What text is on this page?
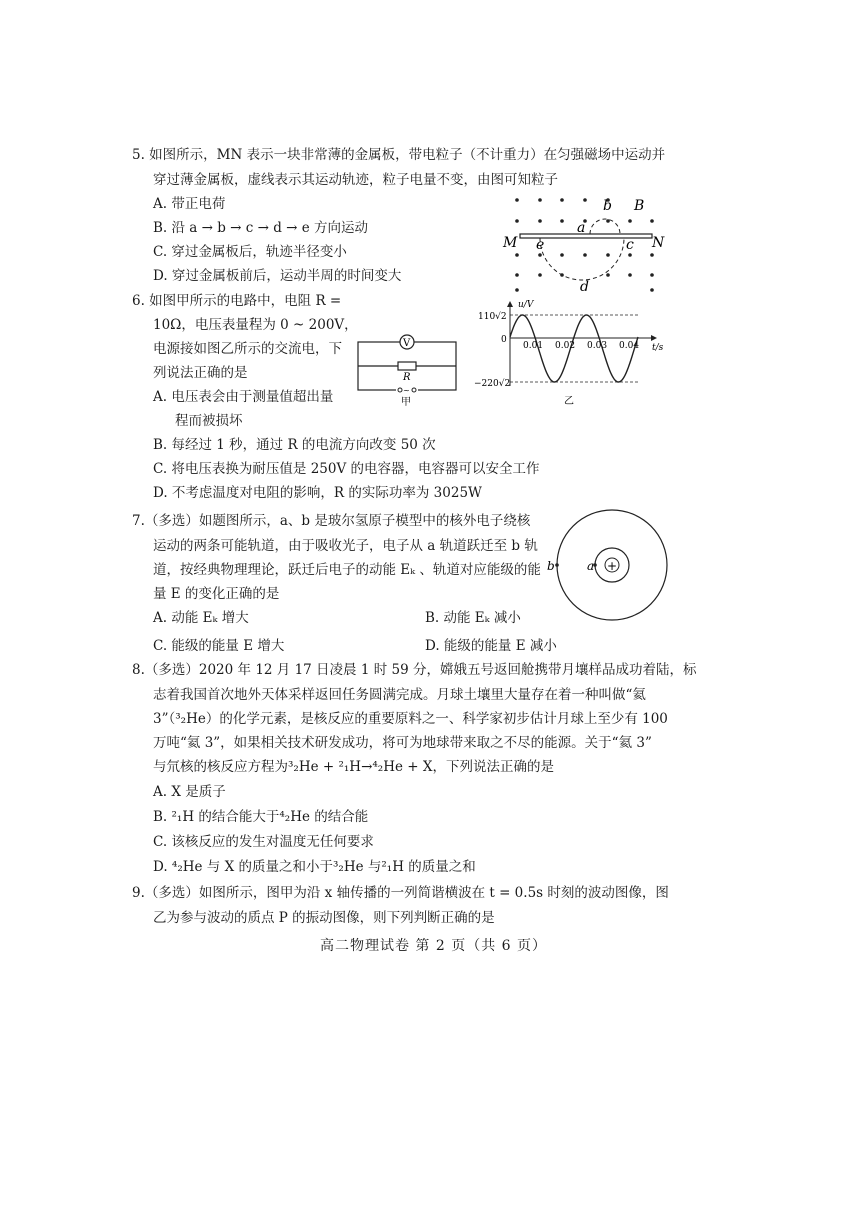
5. 如图所示，MN 表示一块非常薄的金属板，带电粒子（不计重力）在匀强磁场中运动并
穿过薄金属板，虚线表示其运动轨迹，粒子电量不变，由图可知粒子
A. 带正电荷
B. 沿 a → b → c → d → e 方向运动
C. 穿过金属板后，轨迹半径变小
D. 穿过金属板前后，运动半周的时间变大
b B
a
M	N
e	c
d
6. 如图甲所示的电路中，电阻 R =
10Ω，电压表量程为 0 ~ 200V，
电源接如图乙所示的交流电，下
列说法正确的是
A. 电压表会由于测量值超出量
程而被损坏
B. 每经过 1 秒，通过 R 的电流方向改变 50 次
C. 将电压表换为耐压值是 250V 的电容器，电容器可以安全工作
D. 不考虑温度对电阻的影响，R 的实际功率为 3025W
V
R
~
甲
u/V
t/s
110√2
−220√2
0
0.01 0.02 0.03 0.04
乙
7.（多选）如题图所示，a、b 是玻尔氢原子模型中的核外电子绕核
运动的两条可能轨道，由于吸收光子，电子从 a 轨道跃迁至 b 轨
道，按经典物理理论，跃迁后电子的动能 Eₖ 、轨道对应能级的能
量 E 的变化正确的是
A. 动能 Eₖ 增大	B. 动能 Eₖ 减小
C. 能级的能量 E 增大	D. 能级的能量 E 减小
+
b	a
8.（多选）2020 年 12 月 17 日凌晨 1 时 59 分，嫦娥五号返回舱携带月壤样品成功着陆，标
志着我国首次地外天体采样返回任务圆满完成。月球土壤里大量存在着一种叫做“氦
3”（³₂He）的化学元素，是核反应的重要原料之一、科学家初步估计月球上至少有 100
万吨“氦 3”，如果相关技术研发成功，将可为地球带来取之不尽的能源。关于“氦 3”
与氘核的核反应方程为³₂He + ²₁H→⁴₂He + X，下列说法正确的是
A. X 是质子
B. ²₁H 的结合能大于⁴₂He 的结合能
C. 该核反应的发生对温度无任何要求
D. ⁴₂He 与 X 的质量之和小于³₂He 与²₁H 的质量之和
9.（多选）如图所示，图甲为沿 x 轴传播的一列简谐横波在 t = 0.5s 时刻的波动图像，图
乙为参与波动的质点 P 的振动图像，则下列判断正确的是
高二物理试卷 第 2 页（共 6 页）
